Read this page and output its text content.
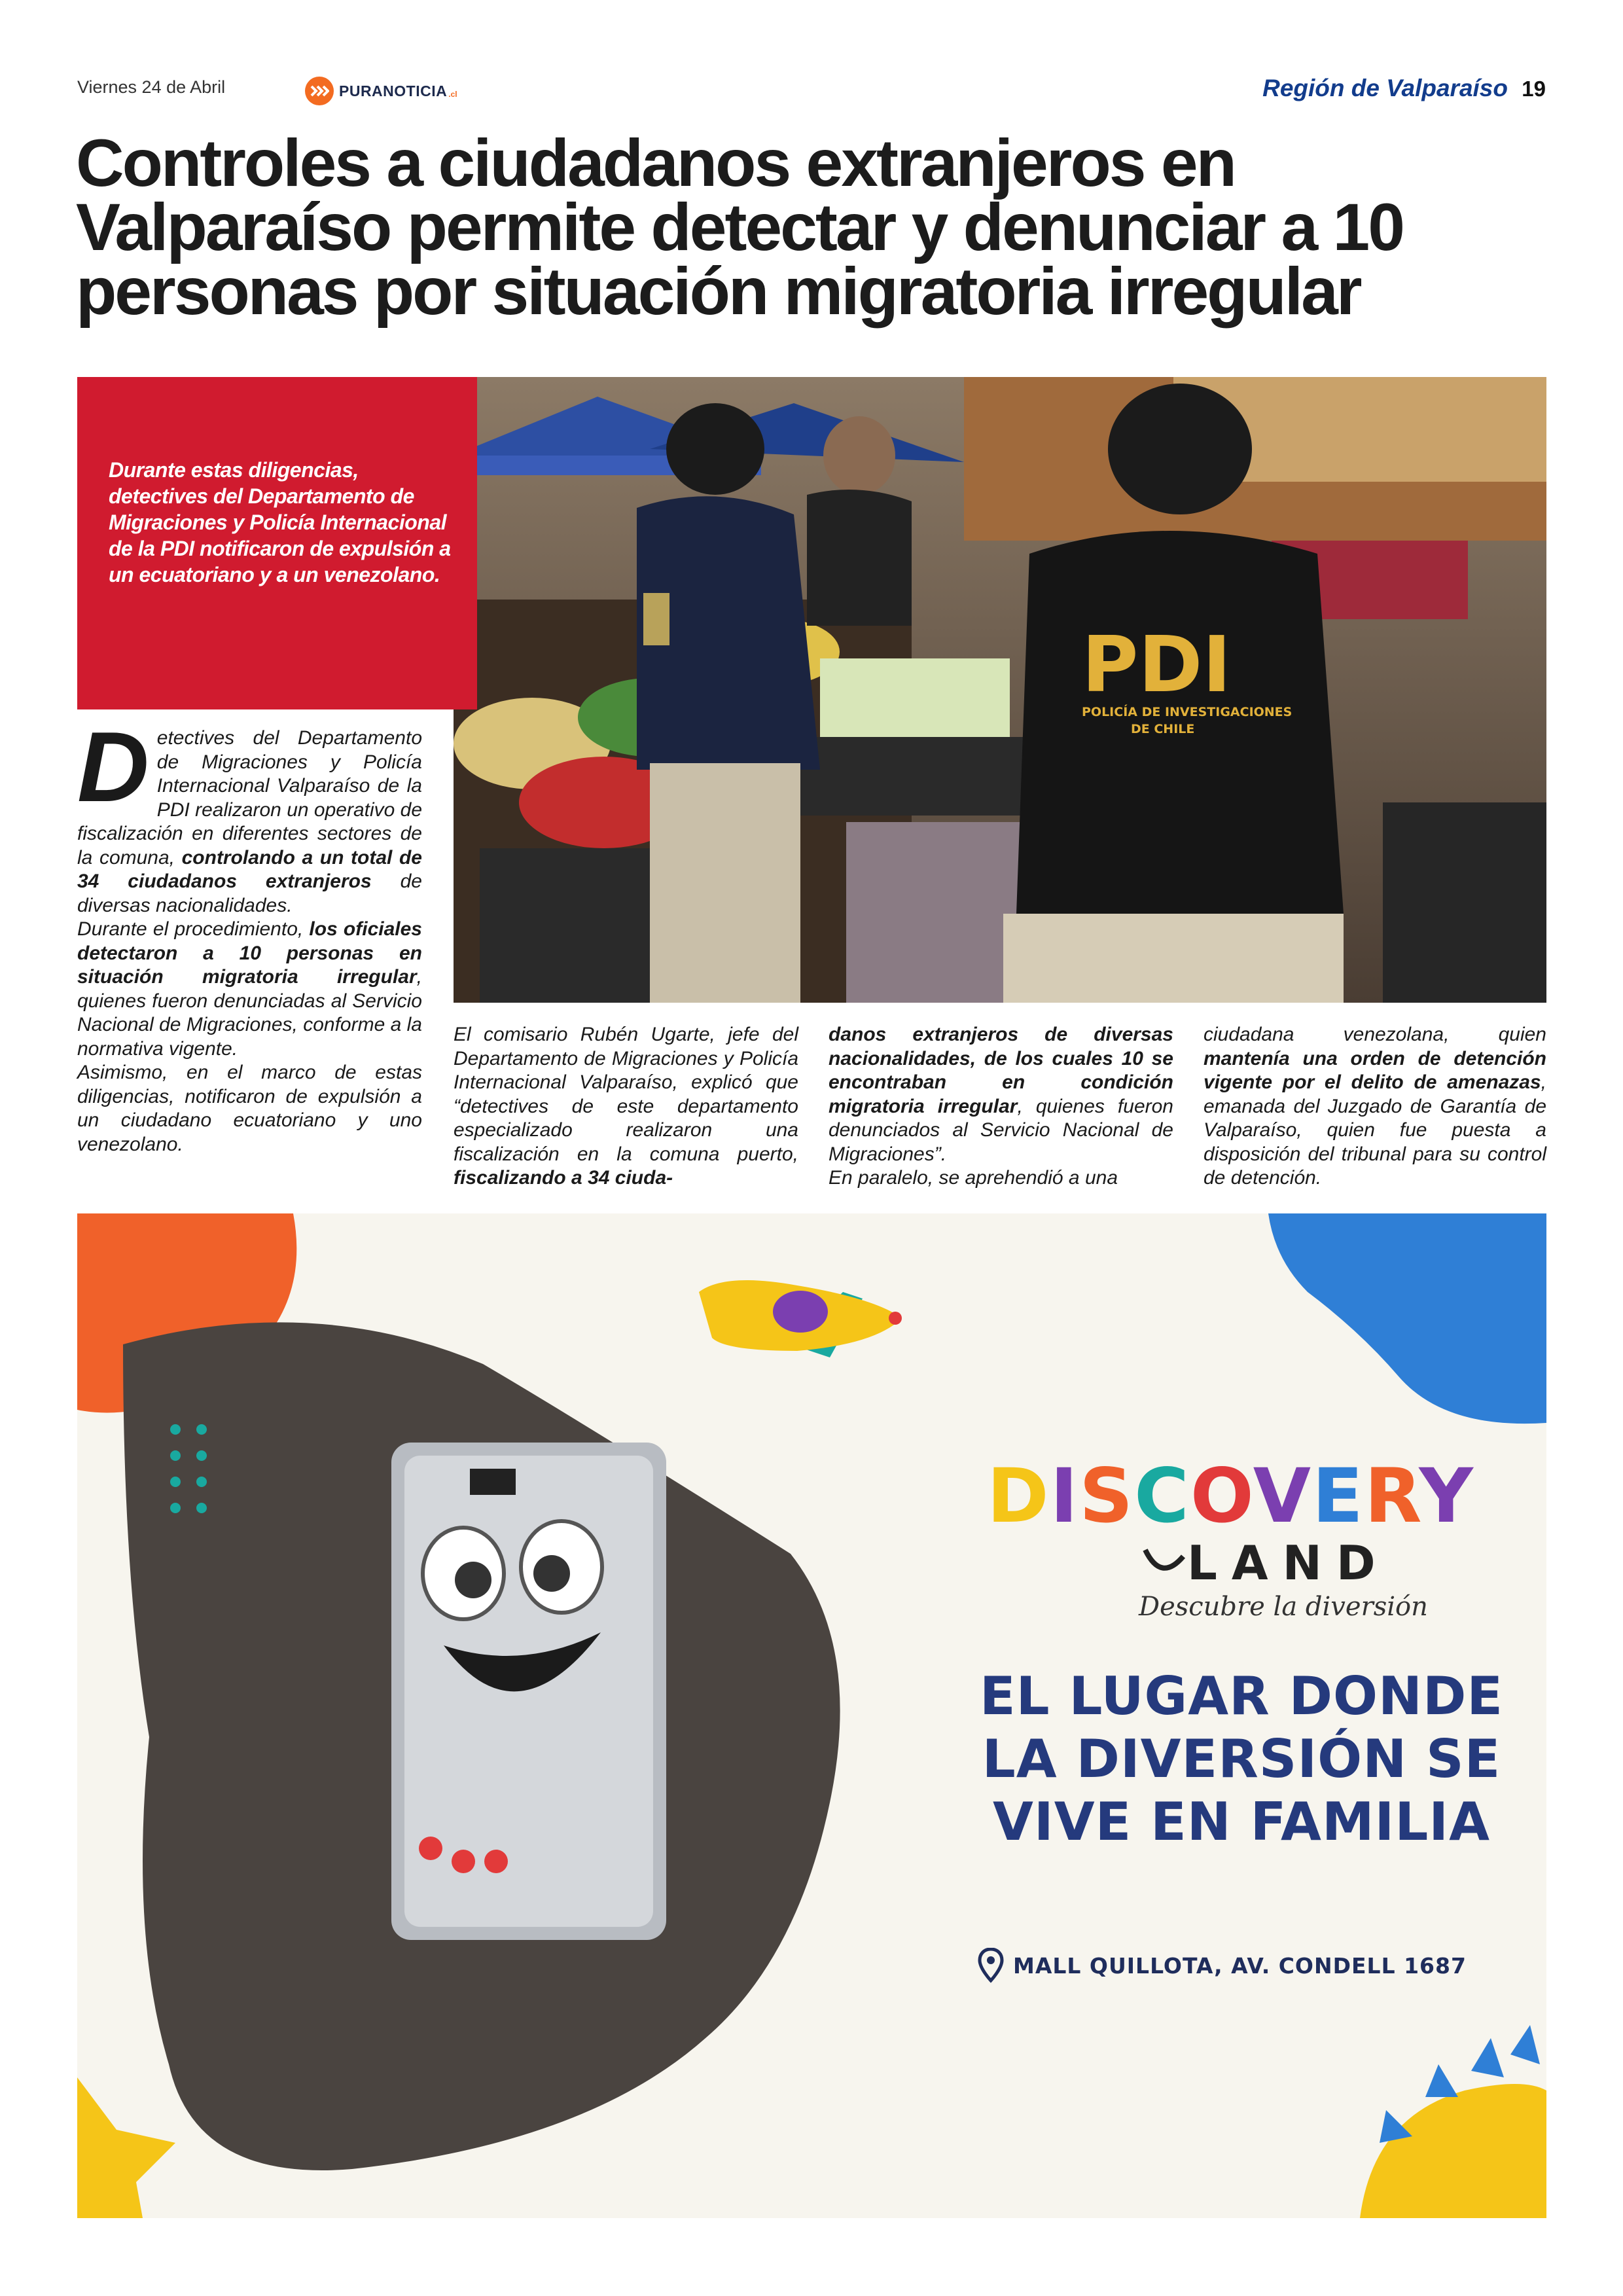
Viernes 24 de Abril	PURANOTICIA .cl	Región de Valparaíso 19
Controles a ciudadanos extranjeros en
Valparaíso permite detectar y denunciar a 10
personas por situación migratoria irregular
PDI
POLICÍA DE INVESTIGACIONES
DE CHILE

Durante estas diligencias, detectives del Departamento de Migraciones y Policía Internacional de la PDI notificaron de expulsión a un ecuatoriano y a un venezolano.

D etectives del Departamento de Migraciones y Policía Internacional Valparaíso de la PDI realizaron un operativo de fiscalización en diferentes sectores de la comuna, controlando a un total de 34 ciudadanos extranjeros de diversas nacionalidades.

Durante el procedimiento, los oficiales detectaron a 10 personas en situación migratoria irregular, quienes fueron denunciadas al Servicio Nacional de Migraciones, conforme a la normativa vigente.

Asimismo, en el marco de estas diligencias, notificaron de expulsión a un ciudadano ecuatoriano y uno venezolano.

El comisario Rubén Ugarte, jefe del Departamento de Migraciones y Policía Internacional Valparaíso, explicó que “detectives de este departamento especializado realizaron una fiscalización en la comuna puerto, fiscalizando a 34 ciuda-

danos extranjeros de diversas nacionalidades, de los cuales 10 se encontraban en condición migratoria irregular, quienes fueron denunciados al Servicio Nacional de Migraciones”.

En paralelo, se aprehendió a una

ciudadana venezolana, quien mantenía una orden de detención vigente por el delito de amenazas, emanada del Juzgado de Garantía de Valparaíso, quien fue puesta a disposición del tribunal para su control de detención.

DISCOVERY
LAND
Descubre la diversión
EL LUGAR DONDE
LA DIVERSIÓN SE
VIVE EN FAMILIA
MALL QUILLOTA, AV. CONDELL 1687
